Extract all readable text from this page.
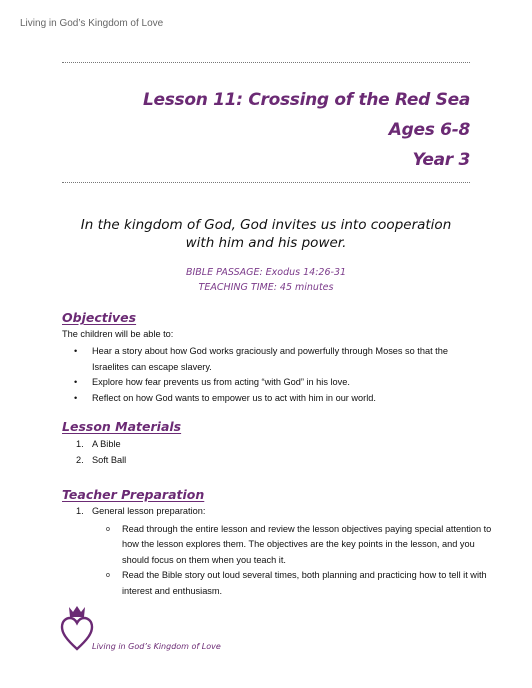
Living in God’s Kingdom of Love
Lesson 11: Crossing of the Red Sea
Ages 6-8
Year 3
In the kingdom of God, God invites us into cooperation
with him and his power.
BIBLE PASSAGE: Exodus 14:26-31
TEACHING TIME: 45 minutes
Objectives
The children will be able to:
• Hear a story about how God works graciously and powerfully through Moses so that the Israelites can escape slavery.
• Explore how fear prevents us from acting “with God” in his love.
• Reflect on how God wants to empower us to act with him in our world.
Lesson Materials
1. A Bible
2. Soft Ball
Teacher Preparation
1. General lesson preparation:
o Read through the entire lesson and review the lesson objectives paying special attention to how the lesson explores them. The objectives are the key points in the lesson, and you should focus on them when you teach it.
o Read the Bible story out loud several times, both planning and practicing how to tell it with interest and enthusiasm.
Living in God’s Kingdom of Love
